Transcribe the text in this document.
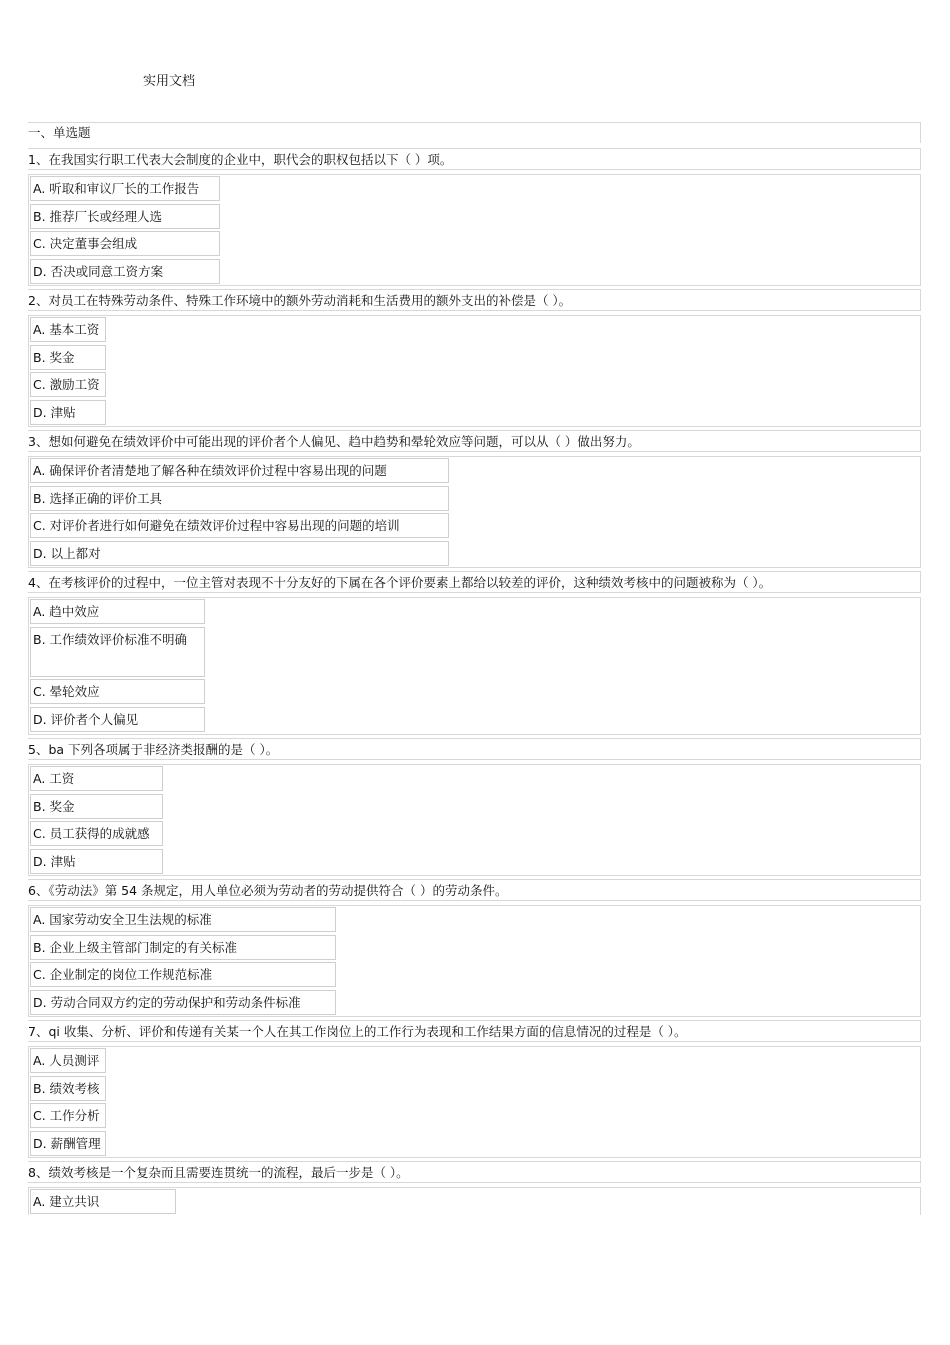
实用文档
一、单选题
1、在我国实行职工代表大会制度的企业中，职代会的职权包括以下（ ）项。
A. 听取和审议厂长的工作报告
B. 推荐厂长或经理人选
C. 决定董事会组成
D. 否决或同意工资方案
2、对员工在特殊劳动条件、特殊工作环境中的额外劳动消耗和生活费用的额外支出的补偿是（ ）。
A. 基本工资
B. 奖金
C. 激励工资
D. 津贴
3、想如何避免在绩效评价中可能出现的评价者个人偏见、趋中趋势和晕轮效应等问题，可以从（ ）做出努力。
A. 确保评价者清楚地了解各种在绩效评价过程中容易出现的问题
B. 选择正确的评价工具
C. 对评价者进行如何避免在绩效评价过程中容易出现的问题的培训
D. 以上都对
4、在考核评价的过程中，一位主管对表现不十分友好的下属在各个评价要素上都给以较差的评价，这种绩效考核中的问题被称为（ ）。
A. 趋中效应
B. 工作绩效评价标准不明确
C. 晕轮效应
D. 评价者个人偏见
5、ba 下列各项属于非经济类报酬的是（ ）。
A. 工资
B. 奖金
C. 员工获得的成就感
D. 津贴
6、《劳动法》第 54 条规定，用人单位必须为劳动者的劳动提供符合（ ）的劳动条件。
A. 国家劳动安全卫生法规的标准
B. 企业上级主管部门制定的有关标准
C. 企业制定的岗位工作规范标准
D. 劳动合同双方约定的劳动保护和劳动条件标准
7、qi 收集、分析、评价和传递有关某一个人在其工作岗位上的工作行为表现和工作结果方面的信息情况的过程是（ ）。
A. 人员测评
B. 绩效考核
C. 工作分析
D. 薪酬管理
8、绩效考核是一个复杂而且需要连贯统一的流程，最后一步是（ ）。
A. 建立共识
